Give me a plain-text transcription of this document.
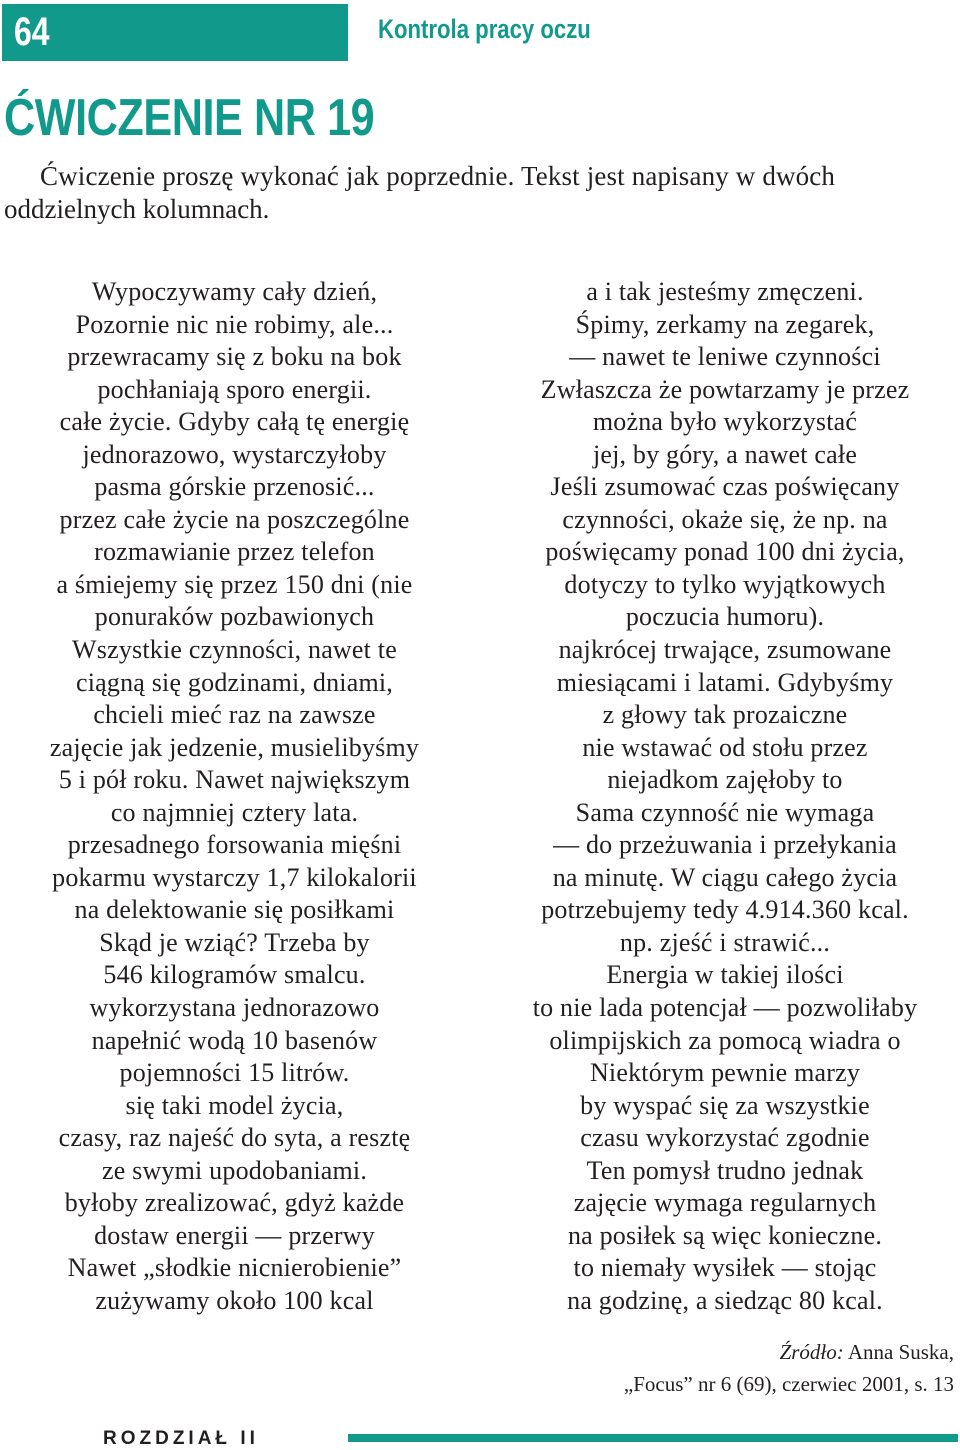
64	Kontrola pracy oczu
ĆWICZENIE NR 19
Ćwiczenie proszę wykonać jak poprzednie. Tekst jest napisany w dwóch
oddzielnych kolumnach.
Wypoczywamy cały dzień,
Pozornie nic nie robimy, ale...
przewracamy się z boku na bok
pochłaniają sporo energii.
całe życie. Gdyby całą tę energię
jednorazowo, wystarczyłoby
pasma górskie przenosić...
przez całe życie na poszczególne
rozmawianie przez telefon
a śmiejemy się przez 150 dni (nie
ponuraków pozbawionych
Wszystkie czynności, nawet te
ciągną się godzinami, dniami,
chcieli mieć raz na zawsze
zajęcie jak jedzenie, musielibyśmy
5 i pół roku. Nawet największym
co najmniej cztery lata.
przesadnego forsowania mięśni
pokarmu wystarczy 1,7 kilokalorii
na delektowanie się posiłkami
Skąd je wziąć? Trzeba by
546 kilogramów smalcu.
wykorzystana jednorazowo
napełnić wodą 10 basenów
pojemności 15 litrów.
się taki model życia,
czasy, raz najeść do syta, a resztę
ze swymi upodobaniami.
byłoby zrealizować, gdyż każde
dostaw energii — przerwy
Nawet „słodkie nicnierobienie”
zużywamy około 100 kcal
a i tak jesteśmy zmęczeni.
Śpimy, zerkamy na zegarek,
— nawet te leniwe czynności
Zwłaszcza że powtarzamy je przez
można było wykorzystać
jej, by góry, a nawet całe
Jeśli zsumować czas poświęcany
czynności, okaże się, że np. na
poświęcamy ponad 100 dni życia,
dotyczy to tylko wyjątkowych
poczucia humoru).
najkrócej trwające, zsumowane
miesiącami i latami. Gdybyśmy
z głowy tak prozaiczne
nie wstawać od stołu przez
niejadkom zajęłoby to
Sama czynność nie wymaga
— do przeżuwania i przełykania
na minutę. W ciągu całego życia
potrzebujemy tedy 4.914.360 kcal.
np. zjeść i strawić...
Energia w takiej ilości
to nie lada potencjał — pozwoliłaby
olimpijskich za pomocą wiadra o
Niektórym pewnie marzy
by wyspać się za wszystkie
czasu wykorzystać zgodnie
Ten pomysł trudno jednak
zajęcie wymaga regularnych
na posiłek są więc konieczne.
to niemały wysiłek — stojąc
na godzinę, a siedząc 80 kcal.
Źródło: Anna Suska,
„Focus” nr 6 (69), czerwiec 2001, s. 13
ROZDZIAŁ II
